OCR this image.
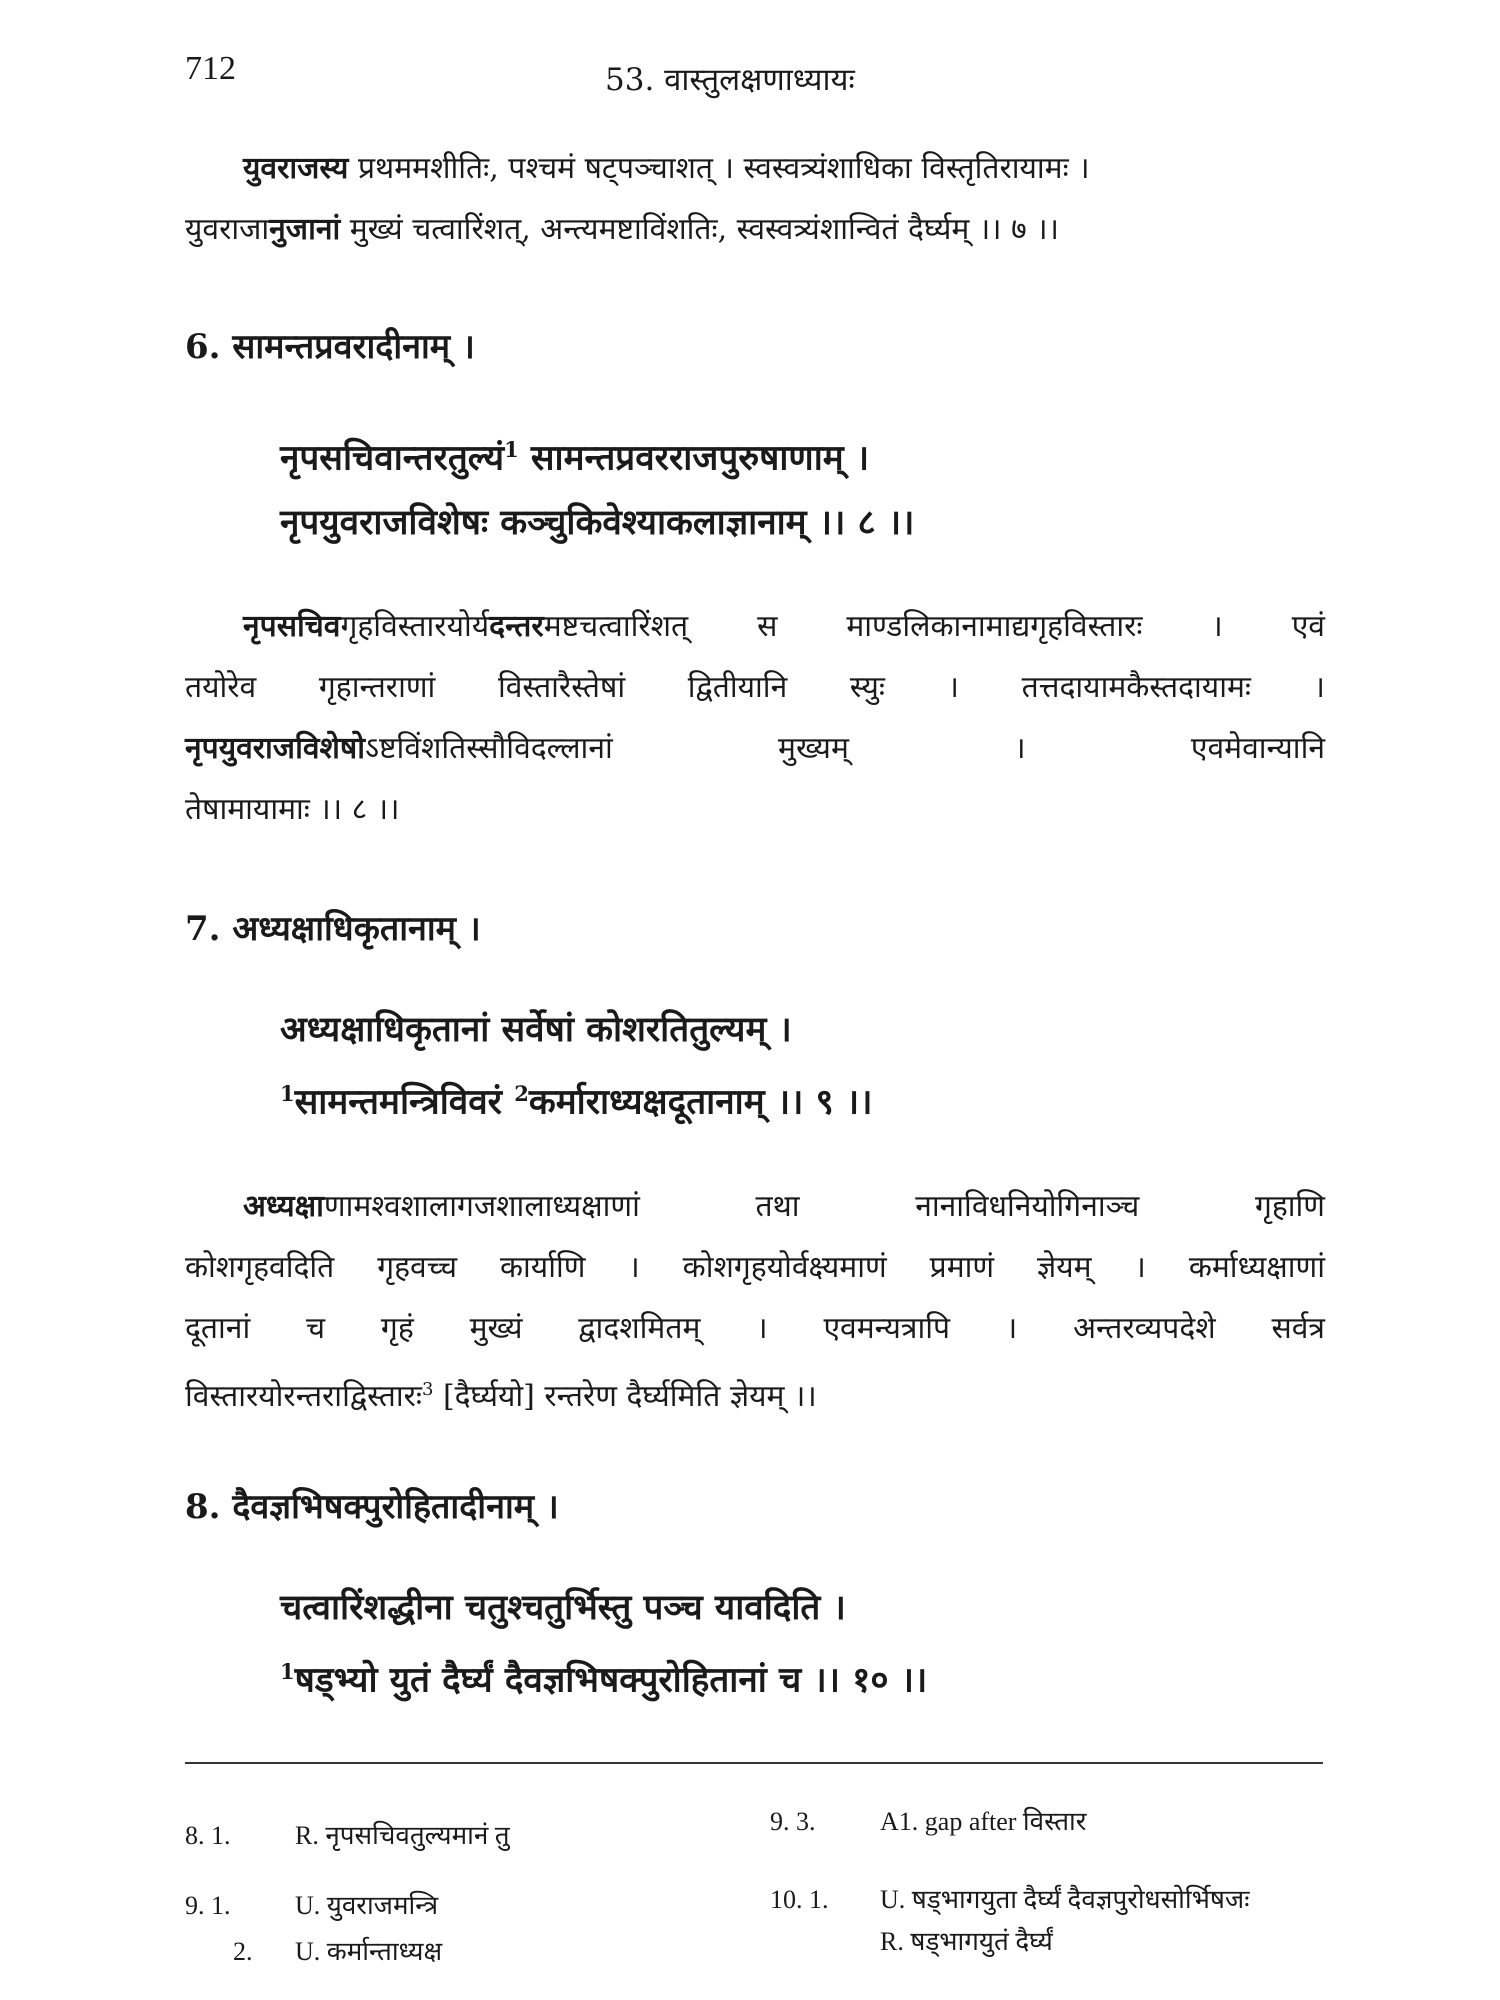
712	53. वास्तुलक्षणाध्यायः
युवराजस्य प्रथममशीतिः, पश्चमं षट्पञ्चाशत् । स्वस्वत्र्यंशाधिका विस्तृतिरायामः ।
युवराजानुजानां मुख्यं चत्वारिंशत्, अन्त्यमष्टाविंशतिः, स्वस्वत्र्यंशान्वितं दैर्घ्यम् ।। ७ ।।
6. सामन्तप्रवरादीनाम् ।
नृपसचिवान्तरतुल्यं$^1$ सामन्तप्रवरराजपुरुषाणाम् ।
नृपयुवराजविशेषः कञ्चुकिवेश्याकलाज्ञानाम् ।। ८ ।।
नृपसचिवगृहविस्तारयोर्यदन्तरमष्टचत्वारिंशत् स माण्डलिकानामाद्यगृहविस्तारः । एवं
तयोरेव गृहान्तराणां विस्तारैस्तेषां द्वितीयानि स्युः । तत्तदायामकैस्तदायामः ।
नृपयुवराजविशेषोऽष्टविंशतिस्सौविदल्लानां मुख्यम् । एवमेवान्यानि
तेषामायामाः ।। ८ ।।
7. अध्यक्षाधिकृतानाम् ।
अध्यक्षाधिकृतानां सर्वेषां कोशरतितुल्यम् ।
$^1$सामन्तमन्त्रिविवरं $^2$कर्माराध्यक्षदूतानाम् ।। ९ ।।
अध्यक्षाणामश्वशालागजशालाध्यक्षाणां तथा नानाविधनियोगिनाञ्च गृहाणि
कोशगृहवदिति गृहवच्च कार्याणि । कोशगृहयोर्वक्ष्यमाणं प्रमाणं ज्ञेयम् । कर्माध्यक्षाणां
दूतानां च गृहं मुख्यं द्वादशमितम् । एवमन्यत्रापि । अन्तरव्यपदेशे सर्वत्र
विस्तारयोरन्तराद्विस्तारः$^3$ [दैर्घ्ययो] रन्तरेण दैर्घ्यमिति ज्ञेयम् ।।
8. दैवज्ञभिषक्पुरोहितादीनाम् ।
चत्वारिंशद्धीना चतुश्चतुर्भिस्तु पञ्च यावदिति ।
$^1$षड्भ्यो युतं दैर्घ्यं दैवज्ञभिषक्पुरोहितानां च ।। १० ।।
8. 1. R. नृपसचिवतुल्यमानं तु	9. 3. A1. gap after विस्तार
9. 1. U. युवराजमन्त्रि
2. U. कर्मान्ताध्यक्ष
10. 1. U. षड्भागयुता दैर्घ्यं दैवज्ञपुरोधसोर्भिषजः
R. षड्भागयुतं दैर्घ्यं
